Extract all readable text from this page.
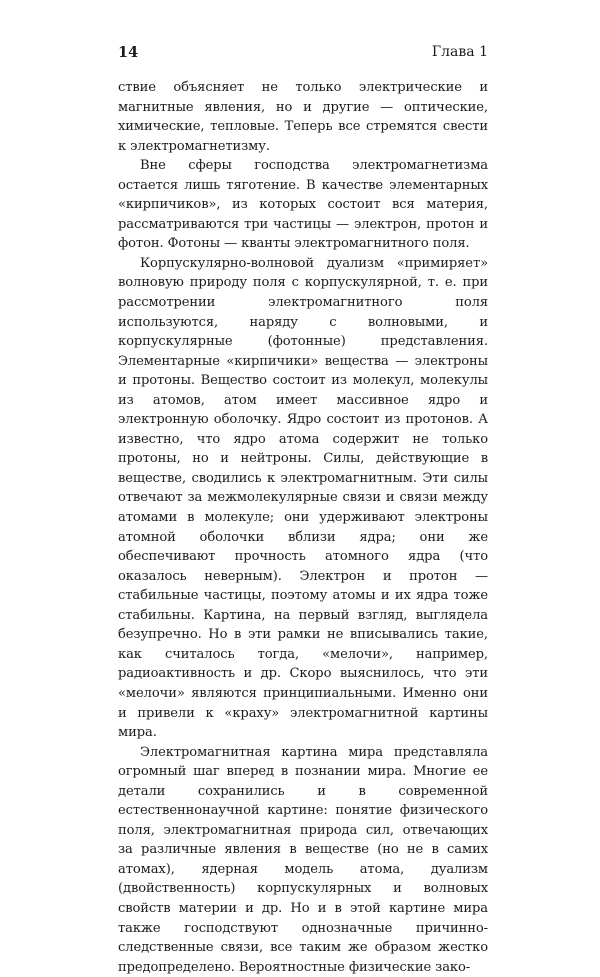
14	Глава 1

ствие объясняет не только электрические и магнитные явления, но и другие — оптические, химические, тепловые. Теперь все стремятся свести к электромагнетизму.

Вне сферы господства электромагнетизма остается лишь тяготение. В качестве элементарных «кирпичиков», из которых состоит вся материя, рассматриваются три частицы — электрон, протон и фотон. Фотоны — кванты электромагнитного поля.

Корпускулярно-волновой дуализм «примиряет» волновую природу поля с корпускулярной, т. е. при рассмотрении электромагнитного поля используются, наряду с волновыми, и корпускулярные (фотонные) представления. Элементарные «кирпичики» вещества — электроны и протоны. Вещество состоит из молекул, молекулы из атомов, атом имеет массивное ядро и электронную оболочку. Ядро состоит из протонов. А известно, что ядро атома содержит не только протоны, но и нейтроны. Силы, действующие в веществе, сводились к электромагнитным. Эти силы отвечают за межмолекулярные связи и связи между атомами в молекуле; они удерживают электроны атомной оболочки вблизи ядра; они же обеспечивают прочность атомного ядра (что оказалось неверным). Электрон и протон — стабильные частицы, поэтому атомы и их ядра тоже стабильны. Картина, на первый взгляд, выглядела безупречно. Но в эти рамки не вписывались такие, как считалось тогда, «мелочи», например, радиоактивность и др. Скоро выяснилось, что эти «мелочи» являются принципиальными. Именно они и привели к «краху» электромагнитной картины мира.

Электромагнитная картина мира представляла огромный шаг вперед в познании мира. Многие ее детали сохранились и в современной естественнонаучной картине: понятие физического поля, электромагнитная природа сил, отвечающих за различные явления в веществе (но не в самих атомах), ядерная модель атома, дуализм (двойственность) корпускулярных и волновых свойств материи и др. Но и в этой картине мира также господствуют однозначные причинно-следственные связи, все таким же образом жестко предопределено. Вероятностные физические зако-
